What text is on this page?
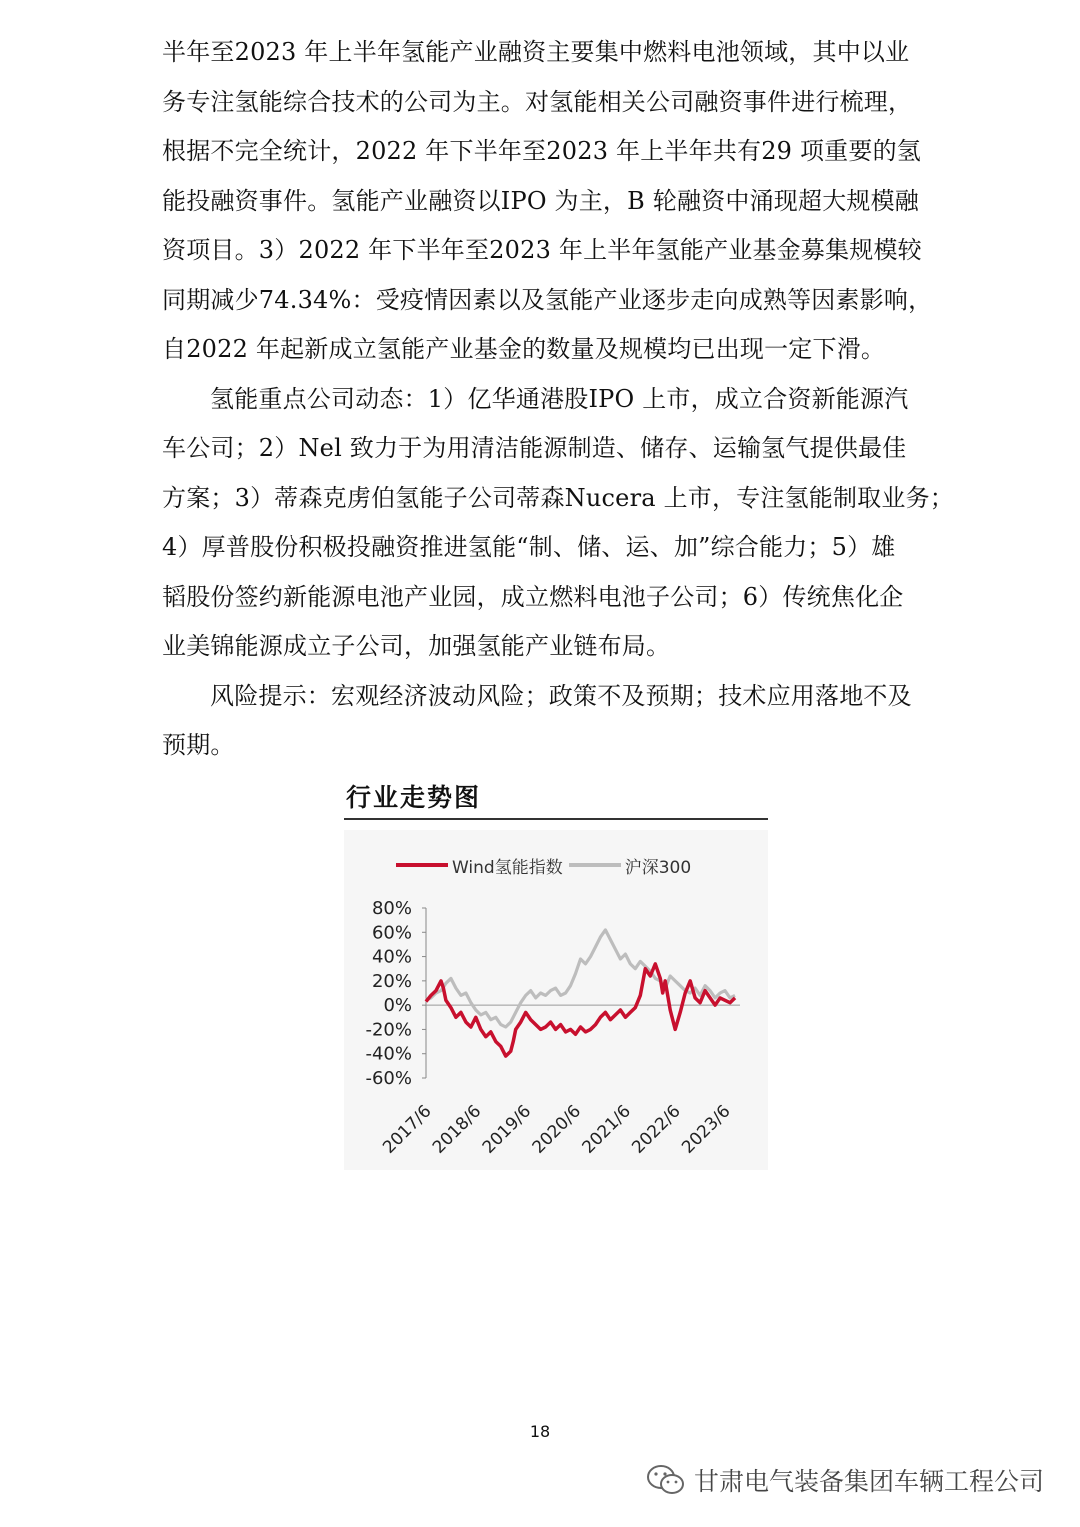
半年至2023 年上半年氢能产业融资主要集中燃料电池领域，其中以业
务专注氢能综合技术的公司为主。对氢能相关公司融资事件进行梳理，
根据不完全统计，2022 年下半年至2023 年上半年共有29 项重要的氢
能投融资事件。氢能产业融资以IPO 为主，B 轮融资中涌现超大规模融
资项目。3）2022 年下半年至2023 年上半年氢能产业基金募集规模较
同期减少74.34%：受疫情因素以及氢能产业逐步走向成熟等因素影响，
自2022 年起新成立氢能产业基金的数量及规模均已出现一定下滑。
氢能重点公司动态：1）亿华通港股IPO 上市，成立合资新能源汽
车公司；2）Nel 致力于为用清洁能源制造、储存、运输氢气提供最佳
方案；3）蒂森克虏伯氢能子公司蒂森Nucera 上市，专注氢能制取业务；
4）厚普股份积极投融资推进氢能“制、储、运、加”综合能力；5）雄
韬股份签约新能源电池产业园，成立燃料电池子公司；6）传统焦化企
业美锦能源成立子公司，加强氢能产业链布局。
风险提示：宏观经济波动风险；政策不及预期；技术应用落地不及
预期。
行业走势图
Wind氢能指数	沪深300
80%
60%
40%
20%
0%
-20%
-40%
-60%
2017/6
2018/6
2019/6
2020/6
2021/6
2022/6
2023/6
18
甘肃电气装备集团车辆工程公司
